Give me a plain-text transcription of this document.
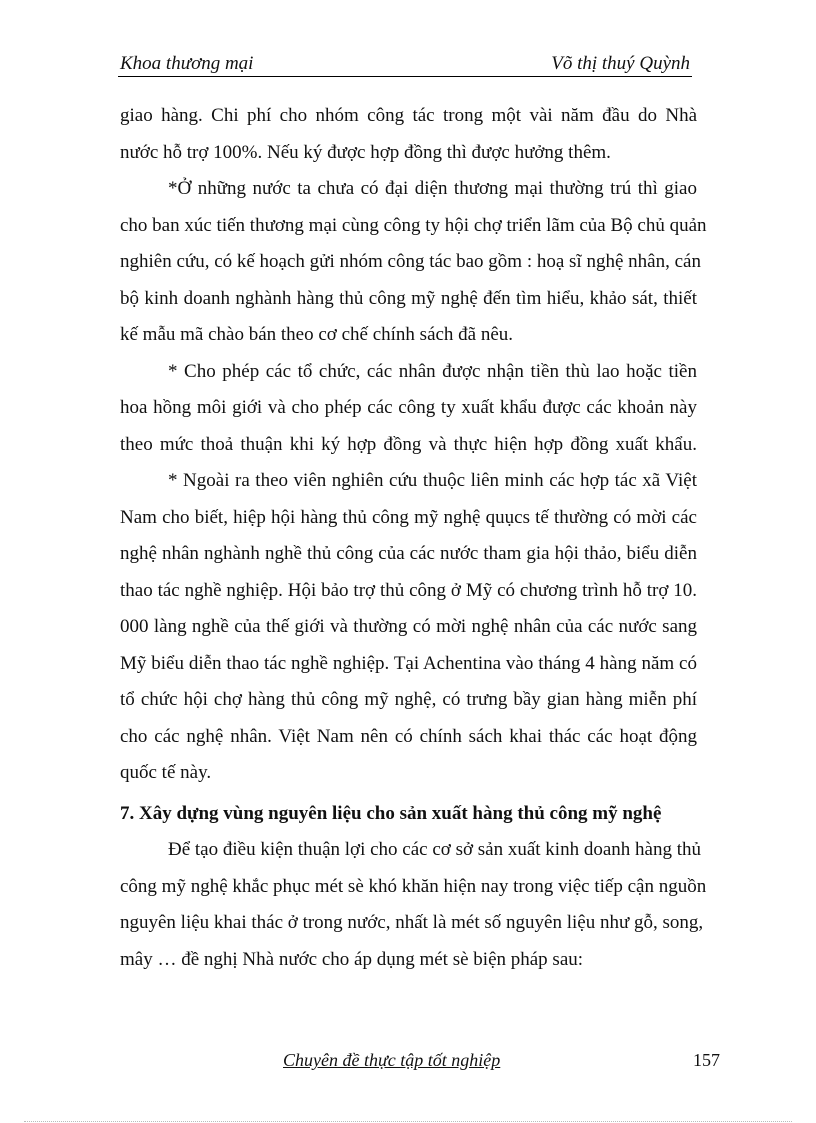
Khoa thương mại	Võ thị thuý Quỳnh
giao hàng. Chi phí cho nhóm công tác trong một vài năm đầu do Nhà
nước hỗ trợ 100%. Nếu ký được hợp đồng thì được hưởng thêm.
*Ở những nước ta chưa có đại diện thương mại thường trú thì giao
cho ban xúc tiến thương mại cùng công ty hội chợ triển lãm của Bộ chủ quản
nghiên cứu, có kế hoạch gửi nhóm công tác bao gồm : hoạ sĩ nghệ nhân, cán
bộ kinh doanh nghành hàng thủ công mỹ nghệ đến tìm hiểu, khảo sát, thiết
kế mẫu mã chào bán theo cơ chế chính sách đã nêu.
* Cho phép các tổ chức, các nhân được nhận tiền thù lao hoặc tiền
hoa hồng môi giới và cho phép các công ty xuất khẩu được các khoản này
theo mức thoả thuận khi ký hợp đồng và thực hiện hợp đồng xuất khẩu.
* Ngoài ra theo viên nghiên cứu thuộc liên minh các hợp tác xã Việt
Nam cho biết, hiệp hội hàng thủ công mỹ nghệ quụcs tế thường có mời các
nghệ nhân nghành nghề thủ công của các nước tham gia hội thảo, biểu diễn
thao tác nghề nghiệp. Hội bảo trợ thủ công ở Mỹ có chương trình hỗ trợ 10.
000 làng nghề của thế giới và thường có mời nghệ nhân của các nước sang
Mỹ biểu diễn thao tác nghề nghiệp. Tại Achentina vào tháng 4 hàng năm có
tổ chức hội chợ hàng thủ công mỹ nghệ, có trưng bầy gian hàng miễn phí
cho các nghệ nhân. Việt Nam nên có chính sách khai thác các hoạt động
quốc tế này.
7. Xây dựng vùng nguyên liệu cho sản xuất hàng thủ công mỹ nghệ
Để tạo điều kiện thuận lợi cho các cơ sở sản xuất kinh doanh hàng thủ
công mỹ nghệ khắc phục mét sè khó khăn hiện nay trong việc tiếp cận nguồn
nguyên liệu khai thác ở trong nước, nhất là mét số nguyên liệu như gỗ, song,
mây … đề nghị Nhà nước cho áp dụng mét sè biện pháp sau:
Chuyên đề thực tập tốt nghiệp	157
